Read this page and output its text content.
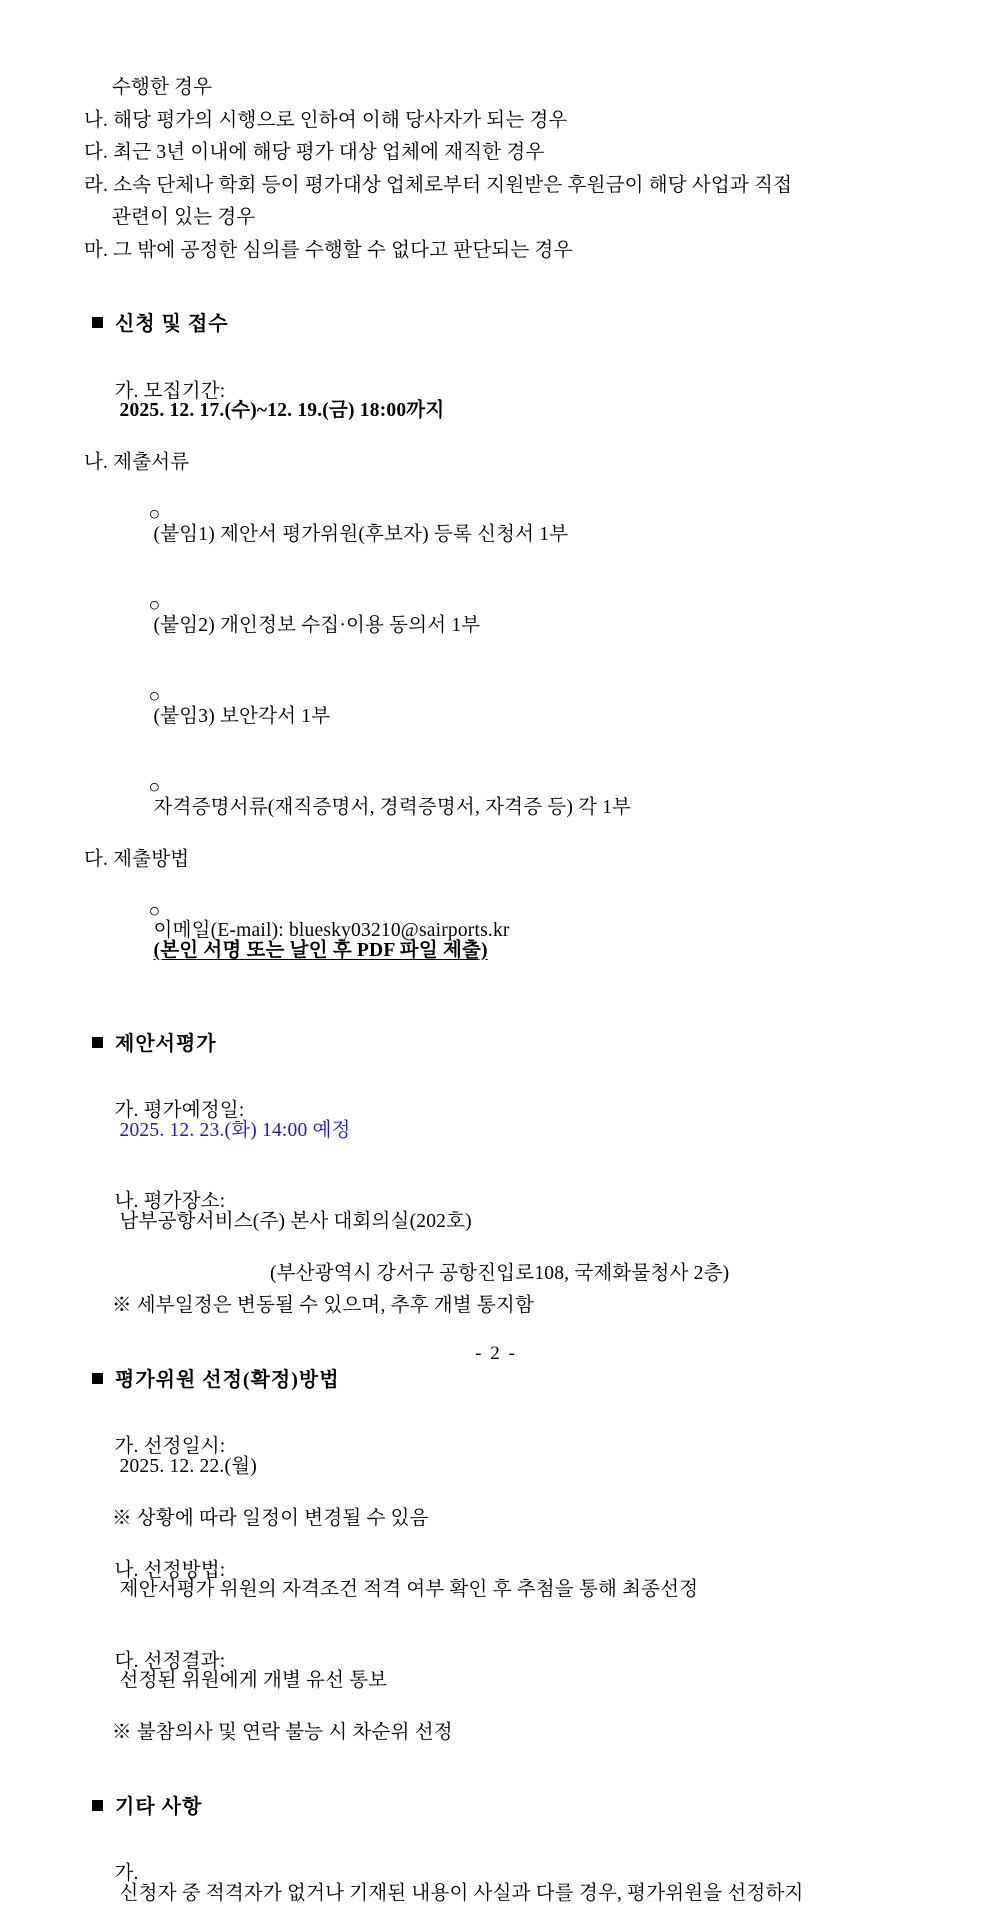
수행한 경우
나. 해당 평가의 시행으로 인하여 이해 당사자가 되는 경우
다. 최근 3년 이내에 해당 평가 대상 업체에 재직한 경우
라. 소속 단체나 학회 등이 평가대상 업체로부터 지원받은 후원금이 해당 사업과 직접
관련이 있는 경우
마. 그 밖에 공정한 심의를 수행할 수 없다고 판단되는 경우
신청 및 접수

가. 모집기간:
2025. 12. 17.(수)~12. 19.(금) 18:00까지

나. 제출서류

○
(붙임1) 제안서 평가위원(후보자) 등록 신청서 1부

○
(붙임2) 개인정보 수집·이용 동의서 1부

○
(붙임3) 보안각서 1부

○
자격증명서류(재직증명서, 경력증명서, 자격증 등) 각 1부

다. 제출방법

○
이메일(E-mail): bluesky03210@sairports.kr
(본인 서명 또는 날인 후 PDF 파일 제출)

제안서평가

가. 평가예정일:
2025. 12. 23.(화) 14:00 예정

나. 평가장소:
남부공항서비스(주) 본사 대회의실(202호)

(부산광역시 강서구 공항진입로108, 국제화물청사 2층)
※ 세부일정은 변동될 수 있으며, 추후 개별 통지함
평가위원 선정(확정)방법

가. 선정일시:
2025. 12. 22.(월)

※ 상황에 따라 일정이 변경될 수 있음

나. 선정방법:
제안서평가 위원의 자격조건 적격 여부 확인 후 추첨을 통해 최종선정

다. 선정결과:
선정된 위원에게 개별 유선 통보

※ 불참의사 및 연락 불능 시 차순위 선정
기타 사항

가.
신청자 중 적격자가 없거나 기재된 내용이 사실과 다를 경우, 평가위원을 선정하지

- 2 -
